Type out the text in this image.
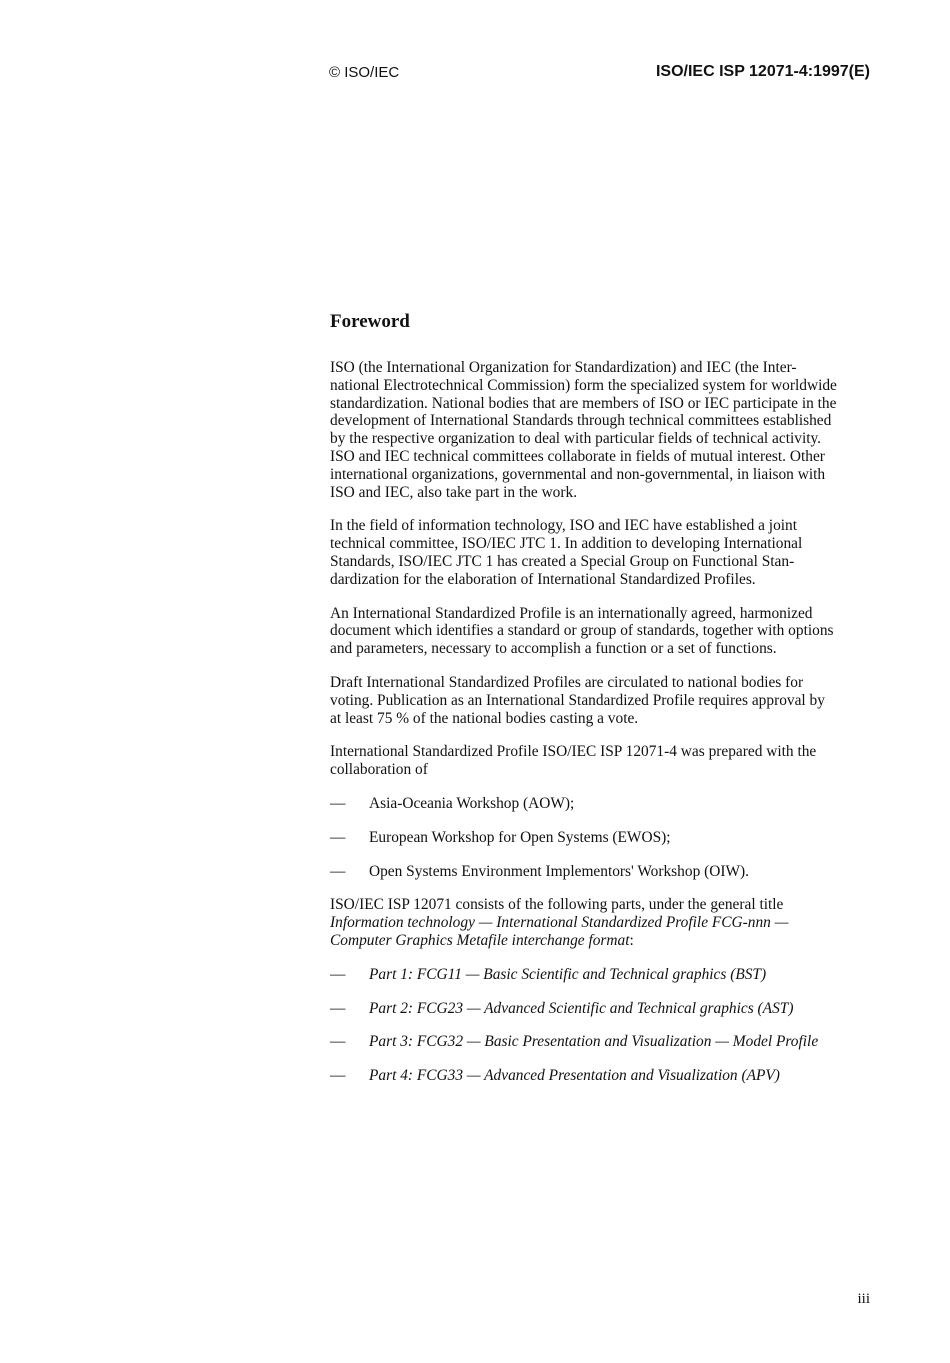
© ISO/IEC	ISO/IEC ISP 12071-4:1997(E)
Foreword

ISO (the International Organization for Standardization) and IEC (the Inter-
national Electrotechnical Commission) form the specialized system for worldwide
standardization. National bodies that are members of ISO or IEC participate in the
development of International Standards through technical committees established
by the respective organization to deal with particular fields of technical activity.
ISO and IEC technical committees collaborate in fields of mutual interest. Other
international organizations, governmental and non-governmental, in liaison with
ISO and IEC, also take part in the work.

In the field of information technology, ISO and IEC have established a joint
technical committee, ISO/IEC JTC 1. In addition to developing International
Standards, ISO/IEC JTC 1 has created a Special Group on Functional Stan-
dardization for the elaboration of International Standardized Profiles.

An International Standardized Profile is an internationally agreed, harmonized
document which identifies a standard or group of standards, together with options
and parameters, necessary to accomplish a function or a set of functions.

Draft International Standardized Profiles are circulated to national bodies for
voting. Publication as an International Standardized Profile requires approval by
at least 75 % of the national bodies casting a vote.

International Standardized Profile ISO/IEC ISP 12071-4 was prepared with the
collaboration of

— Asia-Oceania Workshop (AOW);
— European Workshop for Open Systems (EWOS);
— Open Systems Environment Implementors' Workshop (OIW).

ISO/IEC ISP 12071 consists of the following parts, under the general title
Information technology — International Standardized Profile FCG-nnn —
Computer Graphics Metafile interchange format:

— Part 1: FCG11 — Basic Scientific and Technical graphics (BST)
— Part 2: FCG23 — Advanced Scientific and Technical graphics (AST)
— Part 3: FCG32 — Basic Presentation and Visualization — Model Profile
— Part 4: FCG33 — Advanced Presentation and Visualization (APV)
iii
